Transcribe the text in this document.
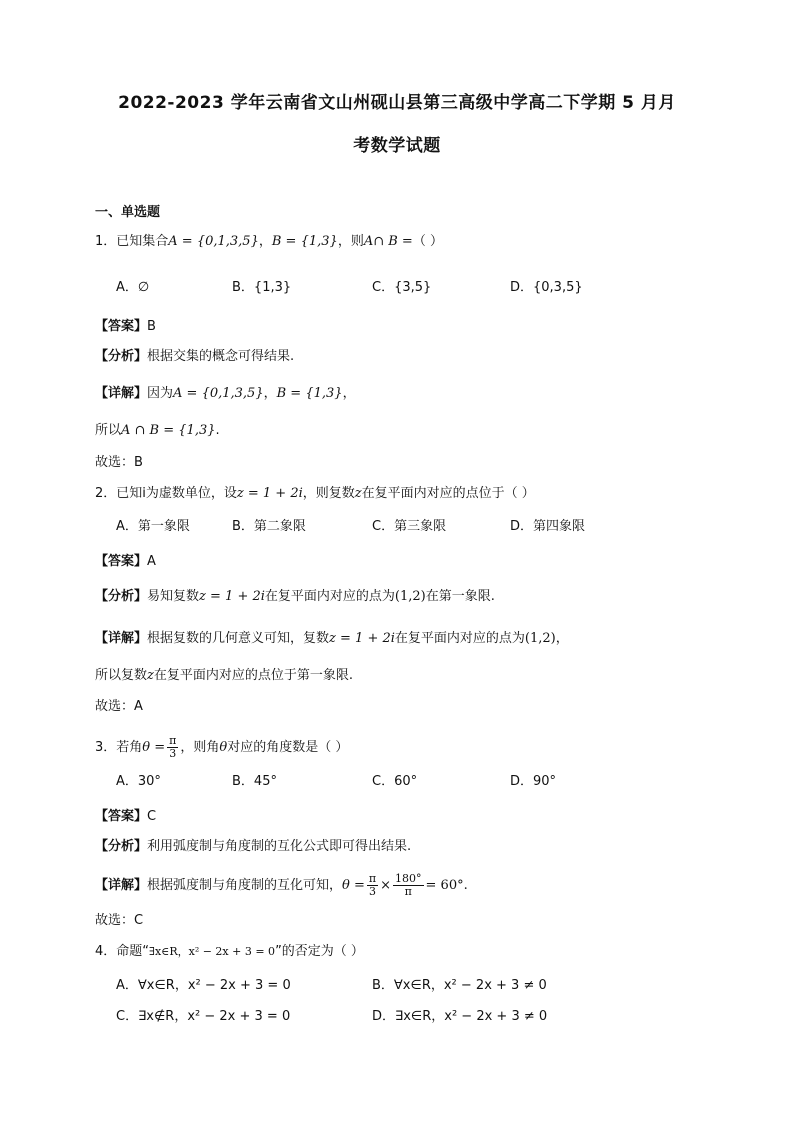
2022-2023 学年云南省文山州砚山县第三高级中学高二下学期 5 月月
考数学试题
一、单选题
1．已知集合A = {0,1,3,5}，B = {1,3}，则A∩ B =（ ）
A．∅	B．{1,3}	C．{3,5}	D．{0,3,5}
【答案】B
【分析】根据交集的概念可得结果.
【详解】因为A = {0,1,3,5}，B = {1,3}，
所以A ∩ B = {1,3}.
故选：B
2．已知i为虚数单位，设z = 1 + 2i，则复数z在复平面内对应的点位于（ ）
A．第一象限	B．第二象限	C．第三象限	D．第四象限
【答案】A
【分析】易知复数z = 1 + 2i在复平面内对应的点为(1,2)在第一象限.
【详解】根据复数的几何意义可知，复数z = 1 + 2i在复平面内对应的点为(1,2)，
所以复数z在复平面内对应的点位于第一象限.
故选：A
3．若角$\theta = \frac{\pi}{3}$ ，则角θ对应的角度数是（ ）
A．30°	B．45°	C．60°	D．90°
【答案】C
【分析】利用弧度制与角度制的互化公式即可得出结果.
【详解】根据弧度制与角度制的互化可知，$\theta = \frac{\pi}{3} \times \frac{180^\circ}{\pi} = 60^\circ$.
故选：C
4．命题“∃x∈R，x² − 2x + 3 = 0”的否定为（ ）
A．∀x∈R，x² − 2x + 3 = 0	B．∀x∈R，x² − 2x + 3 ≠ 0
C．∃x∉R，x² − 2x + 3 = 0	D．∃x∈R，x² − 2x + 3 ≠ 0
